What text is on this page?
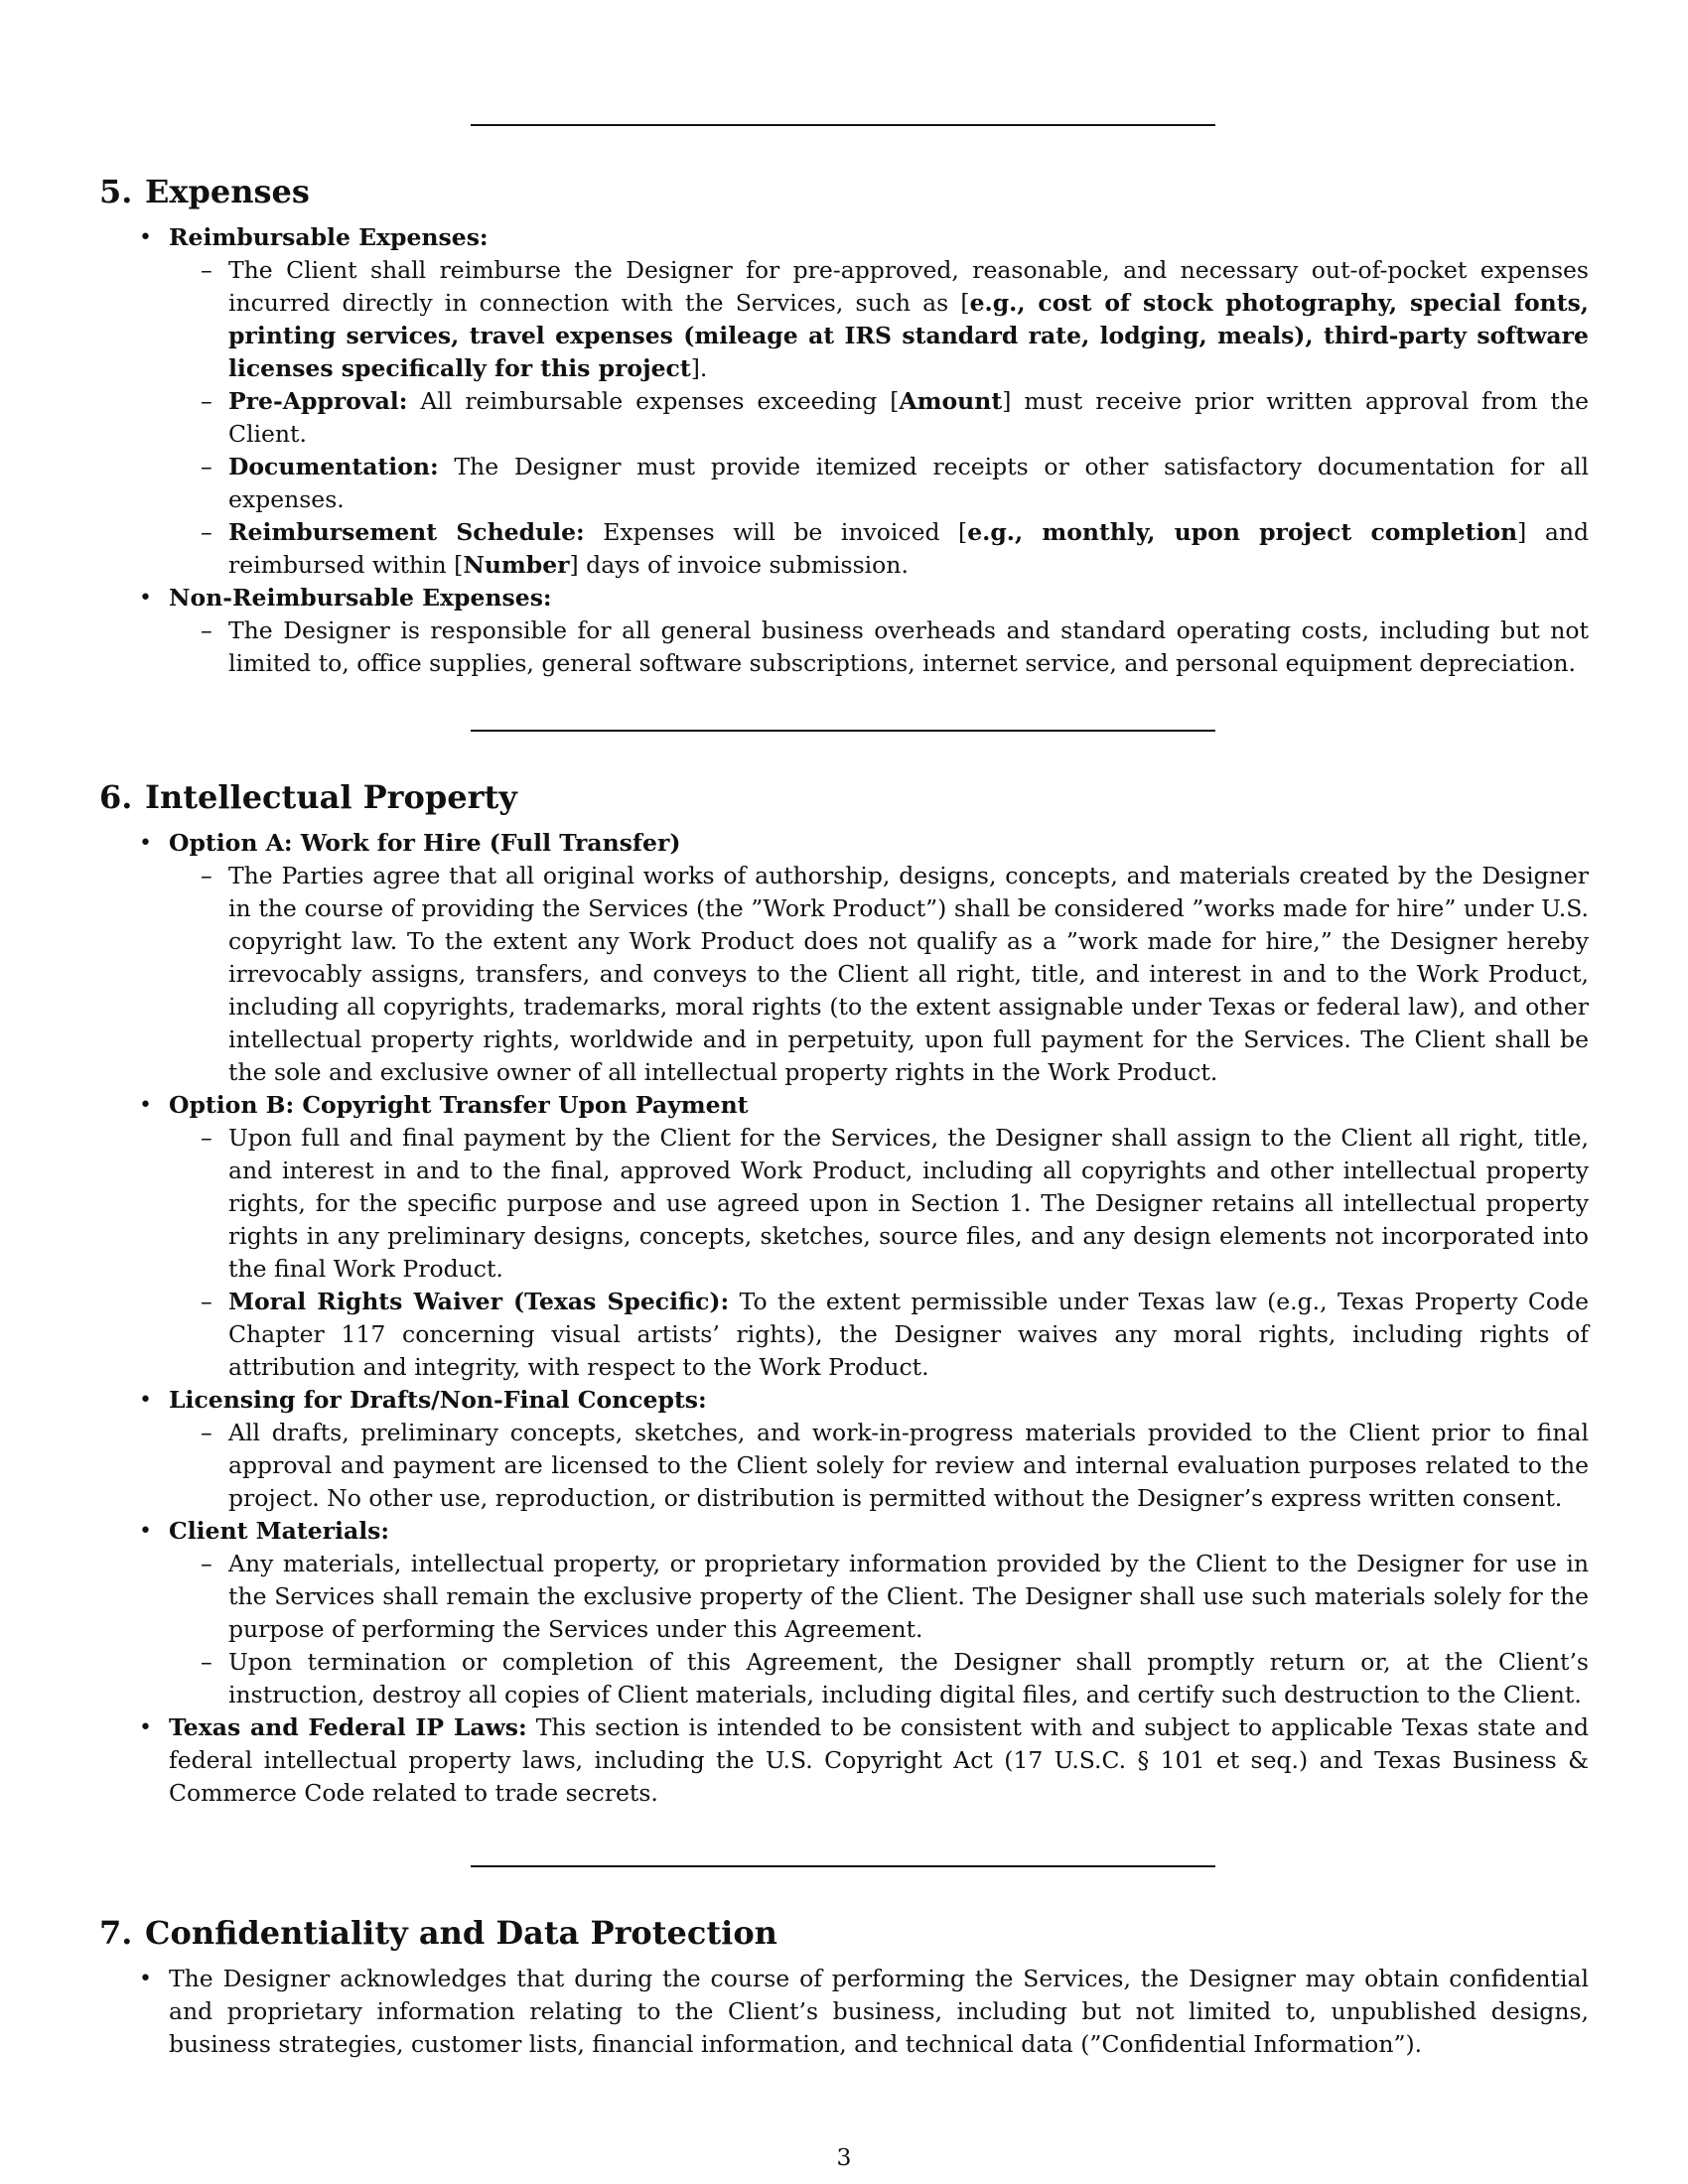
5. Expenses
• Reimbursable Expenses:
– The Client shall reimburse the Designer for pre-approved, reasonable, and necessary out-of-pocket expenses incurred directly in connection with the Services, such as [e.g., cost of stock photography, special fonts, printing services, travel expenses (mileage at IRS standard rate, lodging, meals), third-party software licenses specifically for this project].
– Pre-Approval: All reimbursable expenses exceeding [Amount] must receive prior written approval from the Client.
– Documentation: The Designer must provide itemized receipts or other satisfactory documentation for all expenses.
– Reimbursement Schedule: Expenses will be invoiced [e.g., monthly, upon project completion] and reimbursed within [Number] days of invoice submission.
• Non-Reimbursable Expenses:
– The Designer is responsible for all general business overheads and standard operating costs, including but not limited to, office supplies, general software subscriptions, internet service, and personal equipment depreciation.
6. Intellectual Property
• Option A: Work for Hire (Full Transfer)
– The Parties agree that all original works of authorship, designs, concepts, and materials created by the Designer in the course of providing the Services (the ”Work Product”) shall be considered ”works made for hire” under U.S. copyright law. To the extent any Work Product does not qualify as a ”work made for hire,” the Designer hereby irrevocably assigns, transfers, and conveys to the Client all right, title, and interest in and to the Work Product, including all copyrights, trademarks, moral rights (to the extent assignable under Texas or federal law), and other intellectual property rights, worldwide and in perpetuity, upon full payment for the Services. The Client shall be the sole and exclusive owner of all intellectual property rights in the Work Product.
• Option B: Copyright Transfer Upon Payment
– Upon full and final payment by the Client for the Services, the Designer shall assign to the Client all right, title, and interest in and to the final, approved Work Product, including all copyrights and other intellectual property rights, for the specific purpose and use agreed upon in Section 1. The Designer retains all intellectual property rights in any preliminary designs, concepts, sketches, source files, and any design elements not incorporated into the final Work Product.
– Moral Rights Waiver (Texas Specific): To the extent permissible under Texas law (e.g., Texas Property Code Chapter 117 concerning visual artists’ rights), the Designer waives any moral rights, including rights of attribution and integrity, with respect to the Work Product.
• Licensing for Drafts/Non-Final Concepts:
– All drafts, preliminary concepts, sketches, and work-in-progress materials provided to the Client prior to final approval and payment are licensed to the Client solely for review and internal evaluation purposes related to the project. No other use, reproduction, or distribution is permitted without the Designer’s express written consent.
• Client Materials:
– Any materials, intellectual property, or proprietary information provided by the Client to the Designer for use in the Services shall remain the exclusive property of the Client. The Designer shall use such materials solely for the purpose of performing the Services under this Agreement.
– Upon termination or completion of this Agreement, the Designer shall promptly return or, at the Client’s instruction, destroy all copies of Client materials, including digital files, and certify such destruction to the Client.

• Texas and Federal IP Laws: This section is intended to be consistent with and subject to applicable Texas state and federal intellectual property laws, including the U.S. Copyright Act (17 U.S.C. § 101 et seq.) and Texas Business & Commerce Code related to trade secrets.

7. Confidentiality and Data Protection

• The Designer acknowledges that during the course of performing the Services, the Designer may obtain confidential and proprietary information relating to the Client’s business, including but not limited to, unpublished designs, business strategies, customer lists, financial information, and technical data (”Confidential Information”).

3
